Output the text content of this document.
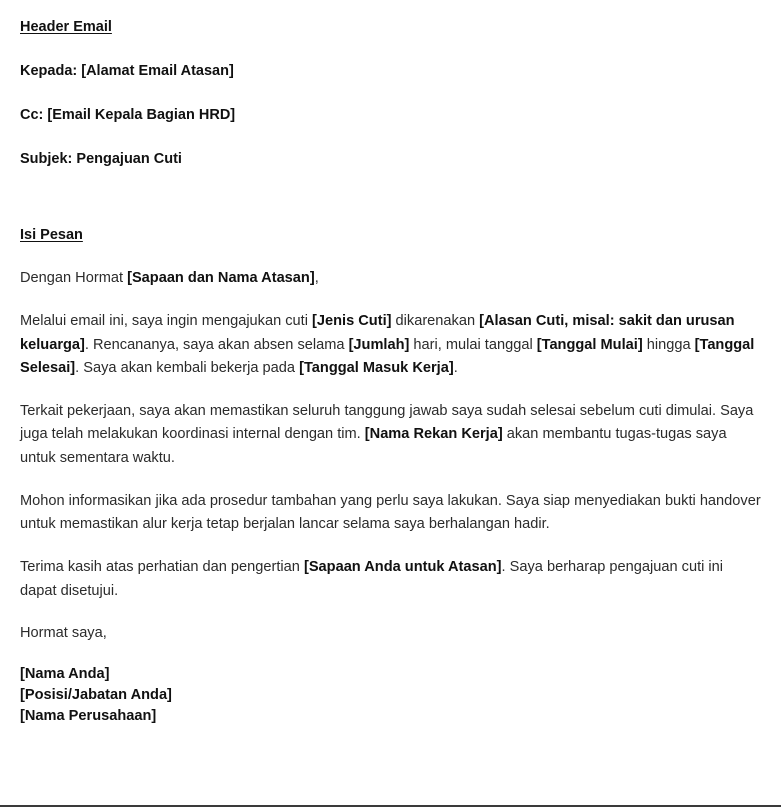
Header Email

Kepada: [Alamat Email Atasan]

Cc: [Email Kepala Bagian HRD]

Subjek: Pengajuan Cuti

Isi Pesan

Dengan Hormat [Sapaan dan Nama Atasan],

Melalui email ini, saya ingin mengajukan cuti [Jenis Cuti] dikarenakan [Alasan Cuti, misal: sakit dan urusan keluarga]. Rencananya, saya akan absen selama [Jumlah] hari, mulai tanggal [Tanggal Mulai] hingga [Tanggal Selesai]. Saya akan kembali bekerja pada [Tanggal Masuk Kerja].

Terkait pekerjaan, saya akan memastikan seluruh tanggung jawab saya sudah selesai sebelum cuti dimulai. Saya juga telah melakukan koordinasi internal dengan tim. [Nama Rekan Kerja] akan membantu tugas-tugas saya untuk sementara waktu.

Mohon informasikan jika ada prosedur tambahan yang perlu saya lakukan. Saya siap menyediakan bukti handover untuk memastikan alur kerja tetap berjalan lancar selama saya berhalangan hadir.

Terima kasih atas perhatian dan pengertian [Sapaan Anda untuk Atasan]. Saya berharap pengajuan cuti ini dapat disetujui.

Hormat saya,

[Nama Anda]
[Posisi/Jabatan Anda]
[Nama Perusahaan]
